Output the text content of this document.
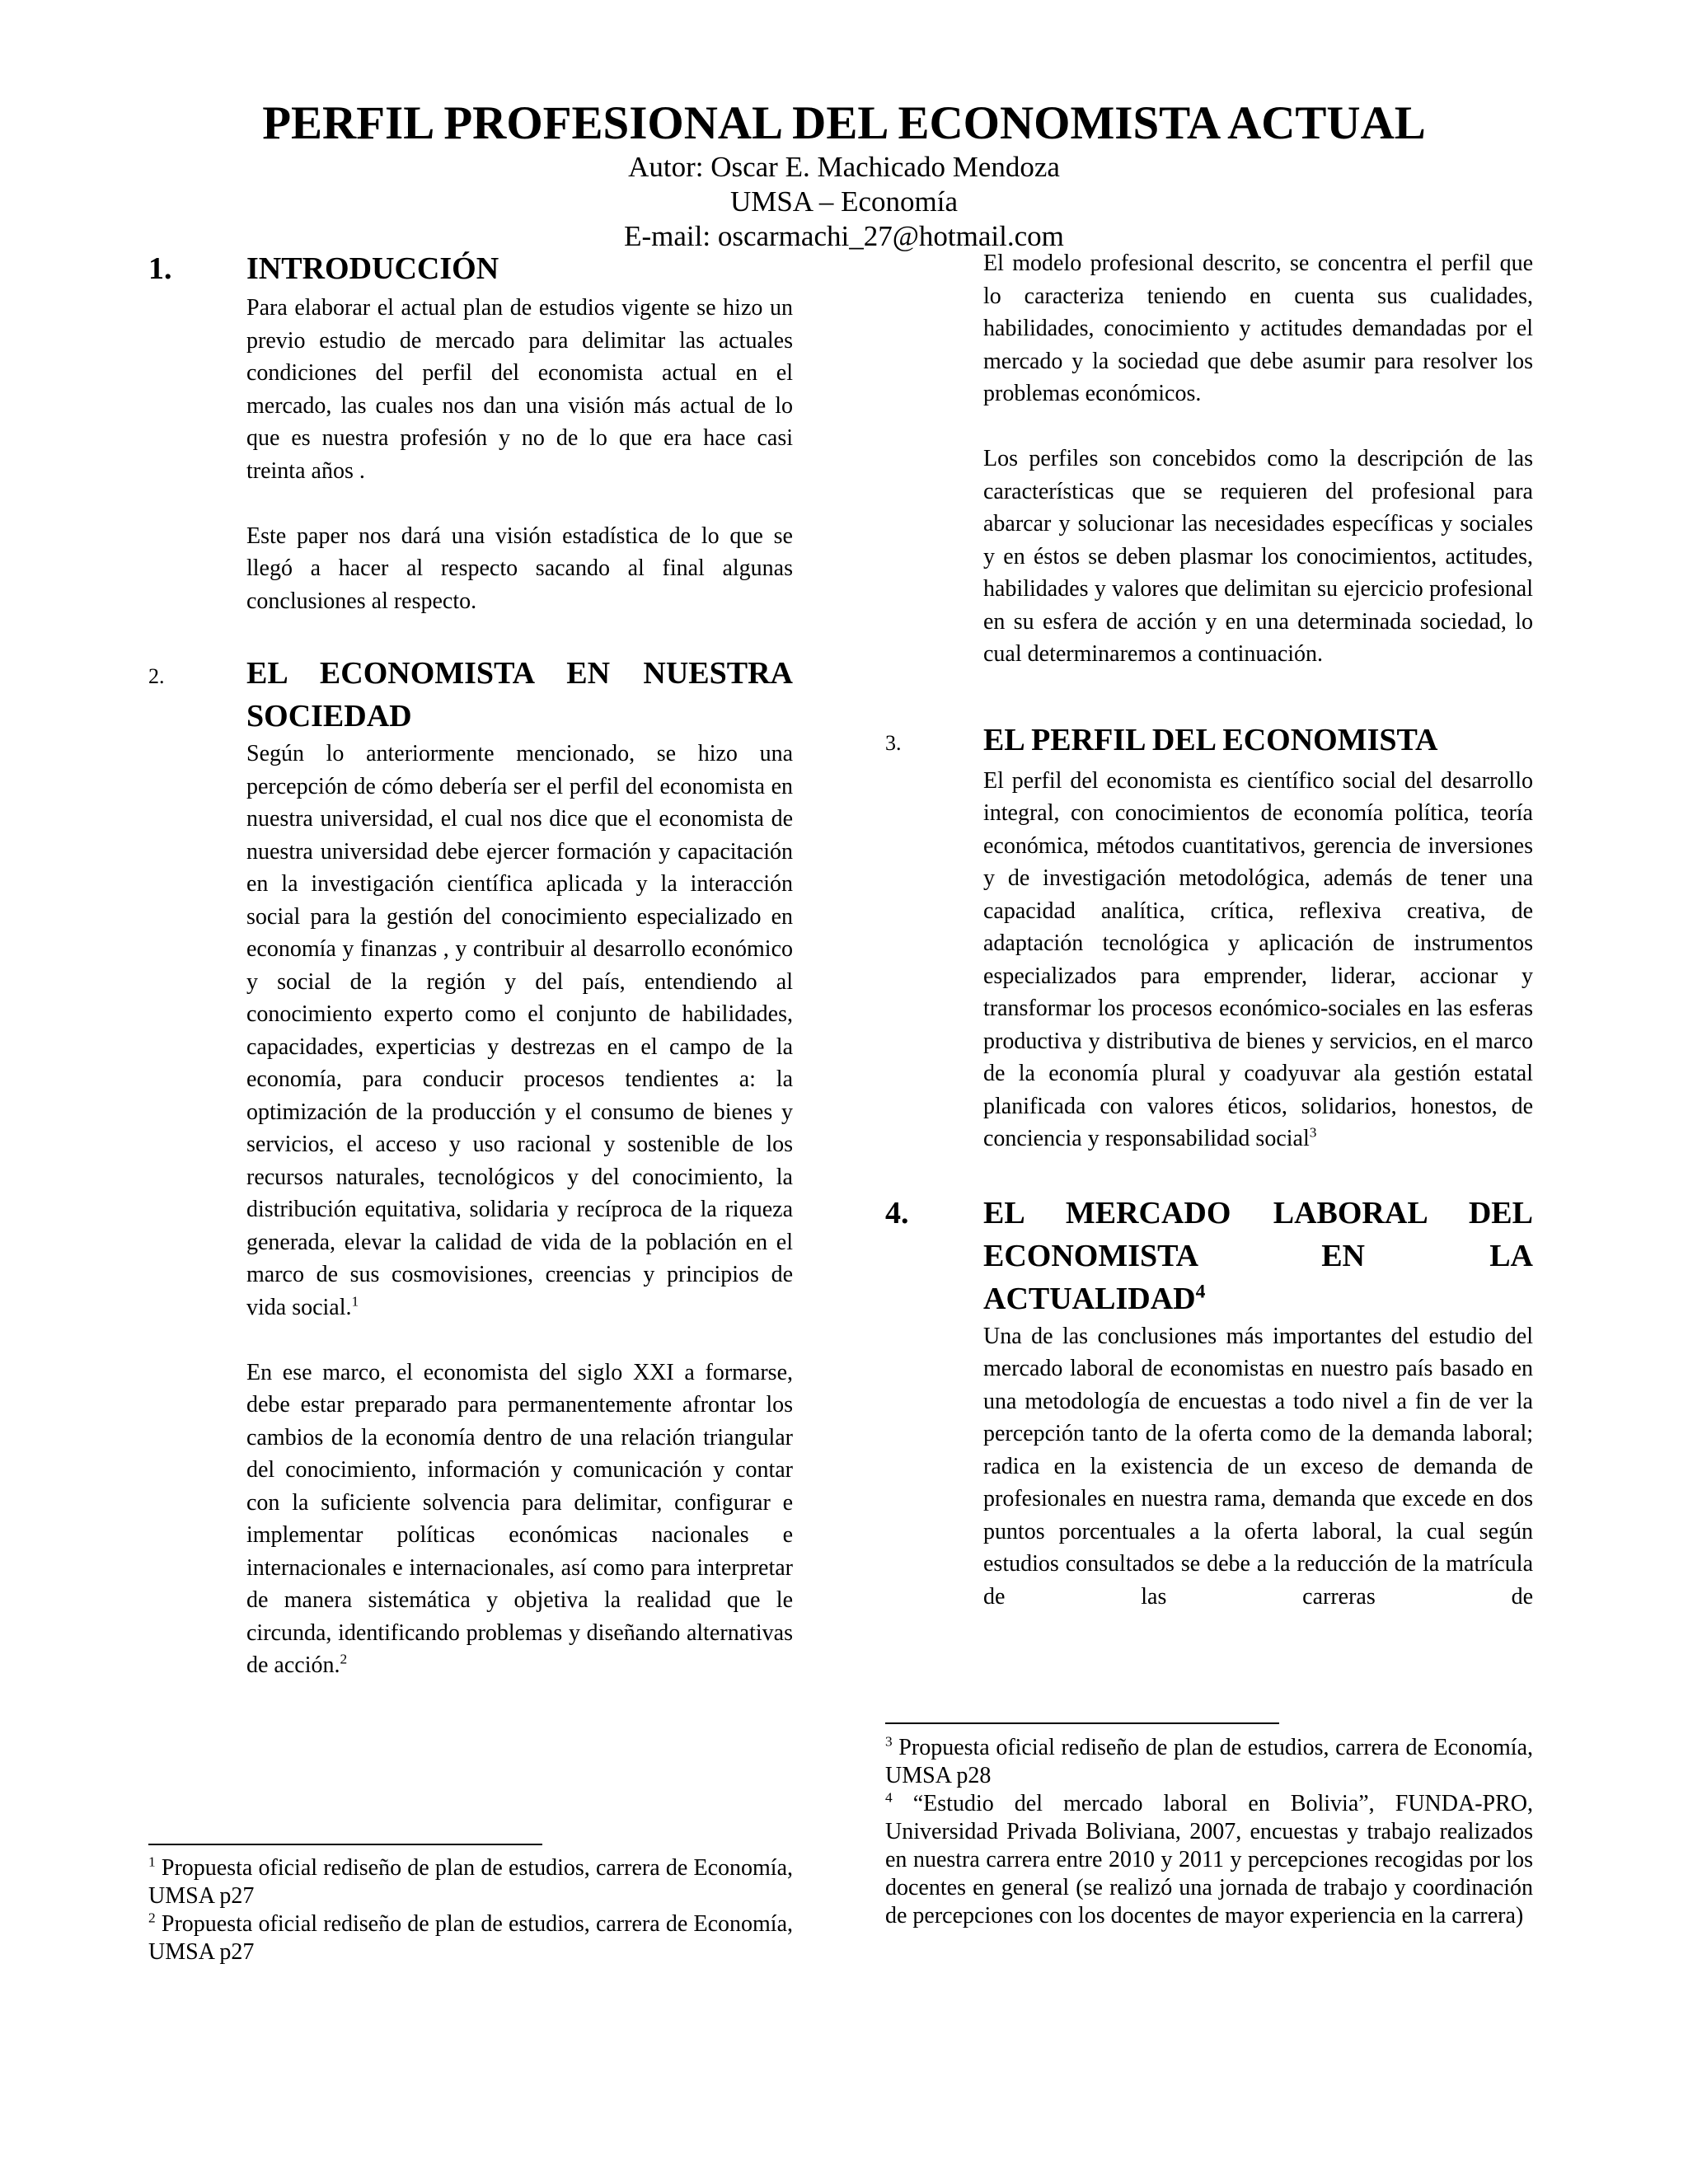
PERFIL PROFESIONAL DEL ECONOMISTA ACTUAL
Autor: Oscar E. Machicado Mendoza
UMSA – Economía
E-mail: oscarmachi_27@hotmail.com
1.	INTRODUCCIÓN

Para elaborar el actual plan de estudios vigente se hizo un previo estudio de mercado para delimitar las actuales condiciones del perfil del economista actual en el mercado, las cuales nos dan una visión más actual de lo que es nuestra profesión y no de lo que era hace casi treinta años .

Este paper nos dará una visión estadística de lo que se llegó a hacer al respecto sacando al final algunas conclusiones al respecto.

2.	EL ECONOMISTA EN NUESTRA
SOCIEDAD

Según lo anteriormente mencionado, se hizo una percepción de cómo debería ser el perfil del economista en nuestra universidad, el cual nos dice que el economista de nuestra universidad debe ejercer formación y capacitación en la investigación científica aplicada y la interacción social para la gestión del conocimiento especializado en economía y finanzas , y contribuir al desarrollo económico y social de la región y del país, entendiendo al conocimiento experto como el conjunto de habilidades, capacidades, experticias y destrezas en el campo de la economía, para conducir procesos tendientes a: la optimización de la producción y el consumo de bienes y servicios, el acceso y uso racional y sostenible de los recursos naturales, tecnológicos y del conocimiento, la distribución equitativa, solidaria y recíproca de la riqueza generada, elevar la calidad de vida de la población en el marco de sus cosmovisiones, creencias y principios de vida social.$^1$

En ese marco, el economista del siglo XXI a formarse, debe estar preparado para permanentemente afrontar los cambios de la economía dentro de una relación triangular del conocimiento, información y comunicación y contar con la suficiente solvencia para delimitar, configurar e implementar políticas económicas nacionales e internacionales e internacionales, así como para interpretar de manera sistemática y objetiva la realidad que le circunda, identificando problemas y diseñando alternativas de acción.$^2$

$^1$ Propuesta oficial rediseño de plan de estudios, carrera de Economía, UMSA p27

$^2$ Propuesta oficial rediseño de plan de estudios, carrera de Economía, UMSA p27

El modelo profesional descrito, se concentra el perfil que lo caracteriza teniendo en cuenta sus cualidades, habilidades, conocimiento y actitudes demandadas por el mercado y la sociedad que debe asumir para resolver los problemas económicos.

Los perfiles son concebidos como la descripción de las características que se requieren del profesional para abarcar y solucionar las necesidades específicas y sociales y en éstos se deben plasmar los conocimientos, actitudes, habilidades y valores que delimitan su ejercicio profesional en su esfera de acción y en una determinada sociedad, lo cual determinaremos a continuación.

3.	EL PERFIL DEL ECONOMISTA

El perfil del economista es científico social del desarrollo integral, con conocimientos de economía política, teoría económica, métodos cuantitativos, gerencia de inversiones y de investigación metodológica, además de tener una capacidad analítica, crítica, reflexiva creativa, de adaptación tecnológica y aplicación de instrumentos especializados para emprender, liderar, accionar y transformar los procesos económico-sociales en las esferas productiva y distributiva de bienes y servicios, en el marco de la economía plural y coadyuvar ala gestión estatal planificada con valores éticos, solidarios, honestos, de conciencia y responsabilidad social$^3$

4.	EL MERCADO LABORAL DEL
ECONOMISTA EN LA
ACTUALIDAD$^4$

Una de las conclusiones más importantes del estudio del mercado laboral de economistas en nuestro país basado en una metodología de encuestas a todo nivel a fin de ver la percepción tanto de la oferta como de la demanda laboral; radica en la existencia de un exceso de demanda de profesionales en nuestra rama, demanda que excede en dos puntos porcentuales a la oferta laboral, la cual según estudios consultados se debe a la reducción de la matrícula de las carreras de

$^3$ Propuesta oficial rediseño de plan de estudios, carrera de Economía, UMSA p28

$^4$ “Estudio del mercado laboral en Bolivia”, FUNDA-PRO, Universidad Privada Boliviana, 2007, encuestas y trabajo realizados en nuestra carrera entre 2010 y 2011 y percepciones recogidas por los docentes en general (se realizó una jornada de trabajo y coordinación de percepciones con los docentes de mayor experiencia en la carrera)
